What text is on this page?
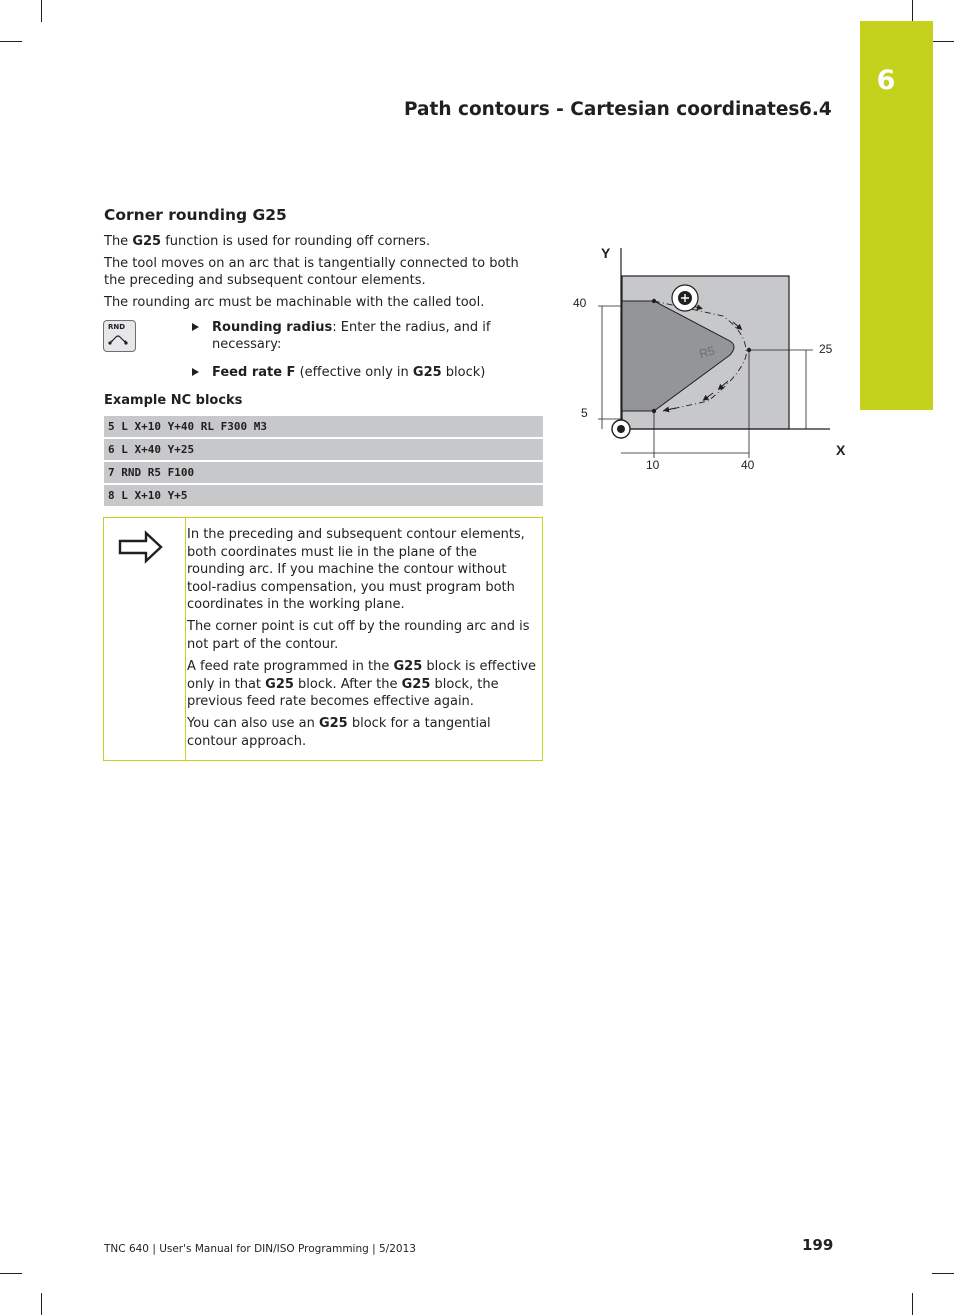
6
Path contours - Cartesian coordinates 6.4
Corner rounding G25
The G25 function is used for rounding off corners.
The tool moves on an arc that is tangentially connected to both the preceding and subsequent contour elements.
The rounding arc must be machinable with the called tool.
RND	Rounding radius: Enter the radius, and if necessary:
Feed rate F (effective only in G25 block)
Example NC blocks
5 L X+10 Y+40 RL F300 M3
6 L X+40 Y+25
7 RND R5 F100
8 L X+10 Y+5
In the preceding and subsequent contour elements, both coordinates must lie in the plane of the rounding arc. If you machine the contour without tool-radius compensation, you must program both coordinates in the working plane.
The corner point is cut off by the rounding arc and is not part of the contour.
A feed rate programmed in the G25 block is effective only in that G25 block. After the G25 block, the previous feed rate becomes effective again.
You can also use an G25 block for a tangential contour approach.
Y
X
40
5
25
10	40
R5
TNC 640 | User's Manual for DIN/ISO Programming | 5/2013	199
